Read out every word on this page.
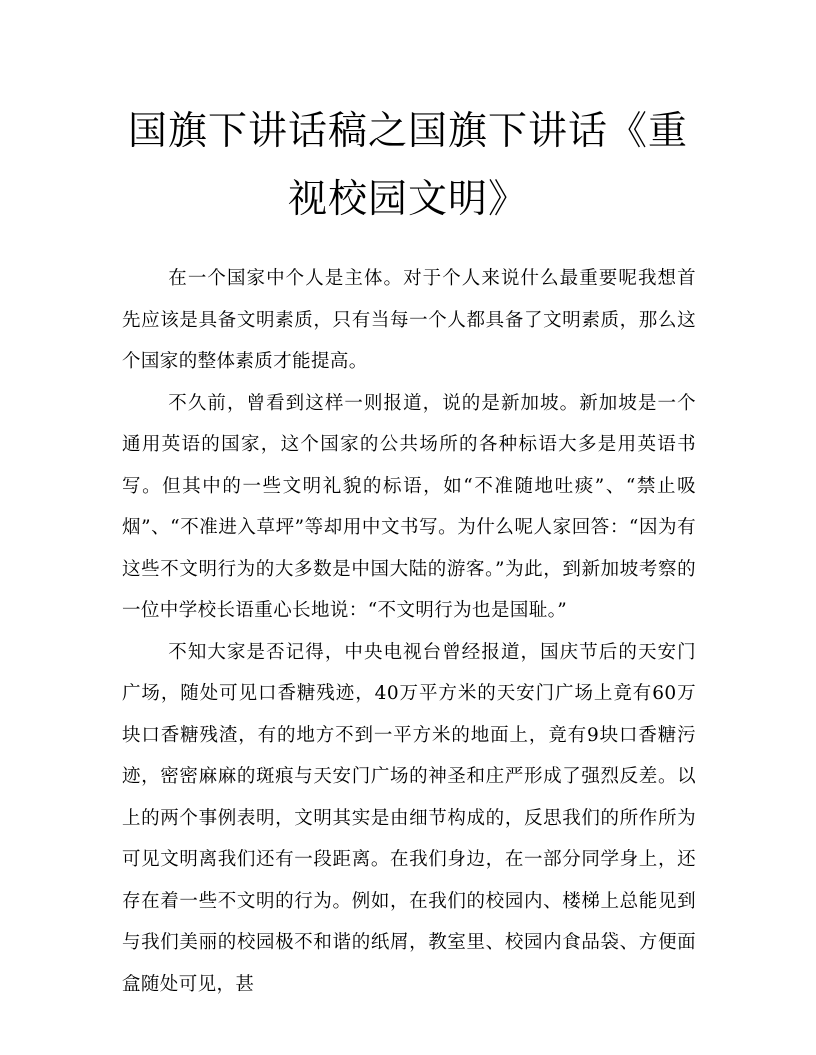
国旗下讲话稿之国旗下讲话《重视校园文明》

在一个国家中个人是主体。对于个人来说什么最重要呢我想首先应该是具备文明素质，只有当每一个人都具备了文明素质，那么这个国家的整体素质才能提高。

不久前，曾看到这样一则报道，说的是新加坡。新加坡是一个通用英语的国家，这个国家的公共场所的各种标语大多是用英语书写。但其中的一些文明礼貌的标语，如“不准随地吐痰”、“禁止吸烟”、“不准进入草坪”等却用中文书写。为什么呢人家回答：“因为有这些不文明行为的大多数是中国大陆的游客。”为此，到新加坡考察的一位中学校长语重心长地说：“不文明行为也是国耻。”

不知大家是否记得，中央电视台曾经报道，国庆节后的天安门广场，随处可见口香糖残迹，40万平方米的天安门广场上竟有60万块口香糖残渣，有的地方不到一平方米的地面上，竟有9块口香糖污迹，密密麻麻的斑痕与天安门广场的神圣和庄严形成了强烈反差。以上的两个事例表明，文明其实是由细节构成的，反思我们的所作所为可见文明离我们还有一段距离。在我们身边，在一部分同学身上，还存在着一些不文明的行为。例如，在我们的校园内、楼梯上总能见到与我们美丽的校园极不和谐的纸屑，教室里、校园内食品袋、方便面盒随处可见，甚
